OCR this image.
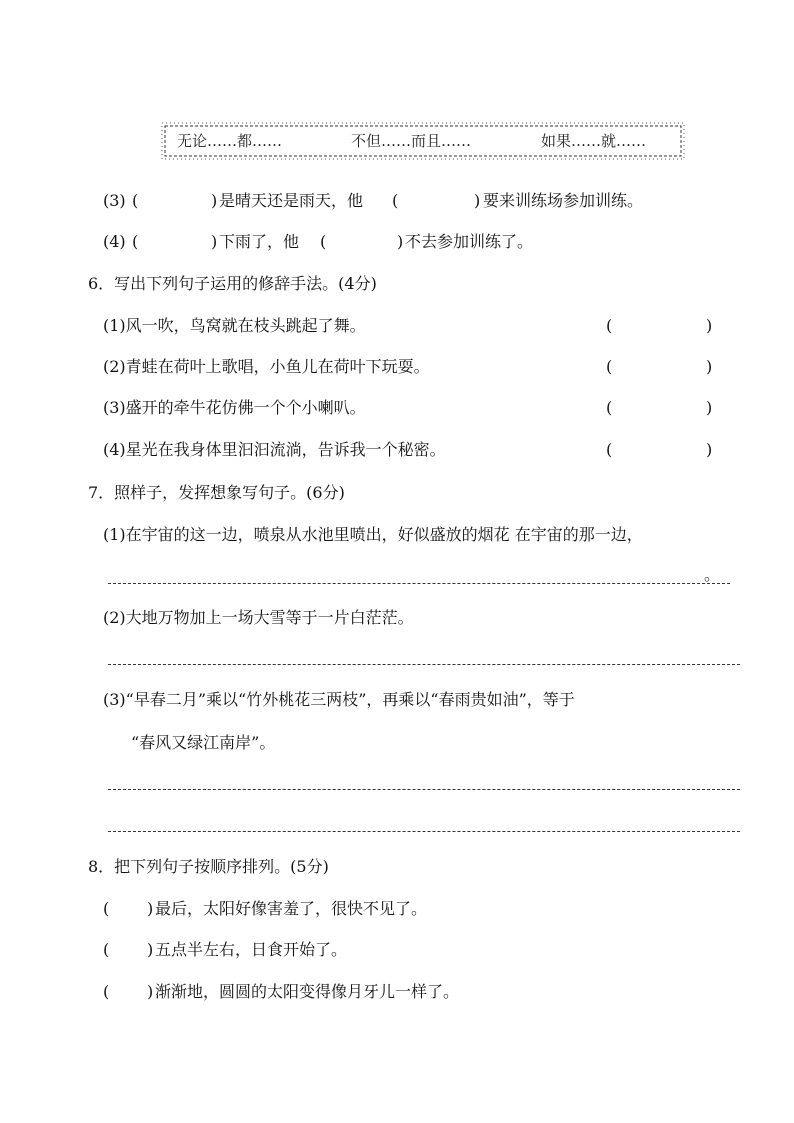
无论……都……	不但……而且……	如果……就……
(3) (	) 是晴天还是雨天，他 (	) 要来训练场参加训练。
(4) (	) 下雨了，他 (	) 不去参加训练了。
6．写出下列句子运用的修辞手法。(4分)
(1)风一吹，鸟窝就在枝头跳起了舞。	(	)
(2)青蛙在荷叶上歌唱，小鱼儿在荷叶下玩耍。	(	)
(3)盛开的牵牛花仿佛一个个小喇叭。	(	)
(4)星光在我身体里汩汩流淌，告诉我一个秘密。	(	)
7．照样子，发挥想象写句子。(6分)
(1)在宇宙的这一边，喷泉从水池里喷出，好似盛放的烟花 在宇宙的那一边，
。
(2)大地万物加上一场大雪等于一片白茫茫。
(3)“早春二月”乘以“竹外桃花三两枝”，再乘以“春雨贵如油”，等于
“春风又绿江南岸”。
8．把下列句子按顺序排列。(5分)
( ) 最后，太阳好像害羞了，很快不见了。
( ) 五点半左右，日食开始了。
( ) 渐渐地，圆圆的太阳变得像月牙儿一样了。
